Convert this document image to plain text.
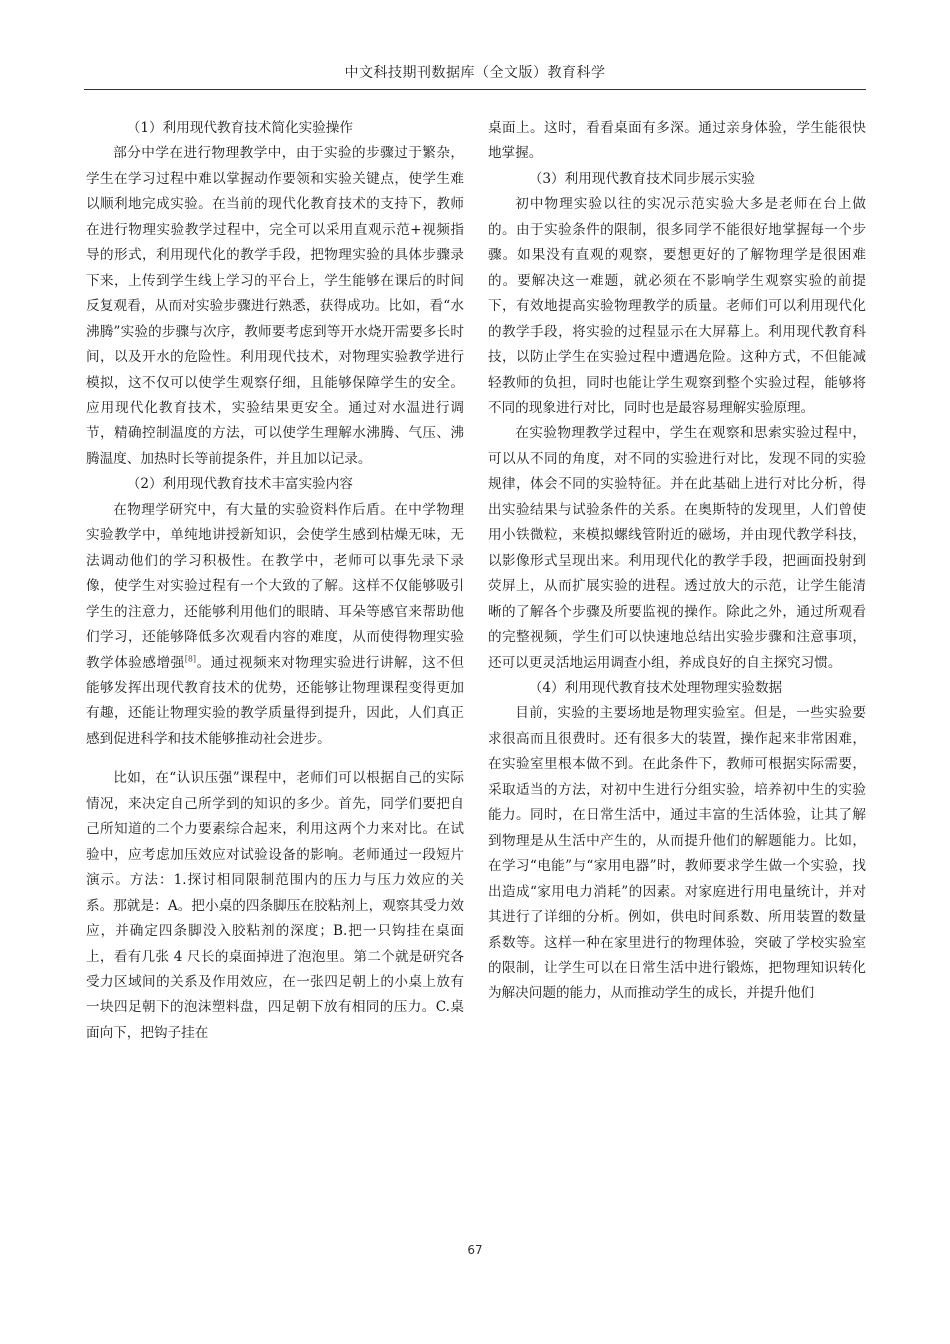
中文科技期刊数据库（全文版）教育科学
（1）利用现代教育技术简化实验操作

部分中学在进行物理教学中，由于实验的步骤过于繁杂，学生在学习过程中难以掌握动作要领和实验关键点，使学生难以顺利地完成实验。在当前的现代化教育技术的支持下，教师在进行物理实验教学过程中，完全可以采用直观示范+视频指导的形式，利用现代化的教学手段，把物理实验的具体步骤录下来，上传到学生线上学习的平台上，学生能够在课后的时间反复观看，从而对实验步骤进行熟悉，获得成功。比如，看“水沸腾”实验的步骤与次序，教师要考虑到等开水烧开需要多长时间，以及开水的危险性。利用现代技术，对物理实验教学进行模拟，这不仅可以使学生观察仔细，且能够保障学生的安全。应用现代化教育技术，实验结果更安全。通过对水温进行调节，精确控制温度的方法，可以使学生理解水沸腾、气压、沸腾温度、加热时长等前提条件，并且加以记录。

（2）利用现代教育技术丰富实验内容

在物理学研究中，有大量的实验资料作后盾。在中学物理实验教学中，单纯地讲授新知识，会使学生感到枯燥无味，无法调动他们的学习积极性。在教学中，老师可以事先录下录像，使学生对实验过程有一个大致的了解。这样不仅能够吸引学生的注意力，还能够利用他们的眼睛、耳朵等感官来帮助他们学习，还能够降低多次观看内容的难度，从而使得物理实验教学体验感增强[8]。通过视频来对物理实验进行讲解，这不但能够发挥出现代教育技术的优势，还能够让物理课程变得更加有趣，还能让物理实验的教学质量得到提升，因此，人们真正感到促进科学和技术能够推动社会进步。

比如，在“认识压强”课程中，老师们可以根据自己的实际情况，来决定自己所学到的知识的多少。首先，同学们要把自己所知道的二个力要素综合起来，利用这两个力来对比。在试验中，应考虑加压效应对试验设备的影响。老师通过一段短片演示。方法：1.探讨相同限制范围内的压力与压力效应的关系。那就是：A。把小桌的四条脚压在胶粘剂上，观察其受力效应，并确定四条脚没入胶粘剂的深度；B.把一只钩挂在桌面上，看有几张 4 尺长的桌面掉进了泡泡里。第二个就是研究各受力区域间的关系及作用效应，在一张四足朝上的小桌上放有一块四足朝下的泡沫塑料盘，四足朝下放有相同的压力。C.桌面向下，把钩子挂在

桌面上。这时，看看桌面有多深。通过亲身体验，学生能很快地掌握。

（3）利用现代教育技术同步展示实验

初中物理实验以往的实况示范实验大多是老师在台上做的。由于实验条件的限制，很多同学不能很好地掌握每一个步骤。如果没有直观的观察，要想更好的了解物理学是很困难的。要解决这一难题，就必须在不影响学生观察实验的前提下，有效地提高实验物理教学的质量。老师们可以利用现代化的教学手段，将实验的过程显示在大屏幕上。利用现代教育科技，以防止学生在实验过程中遭遇危险。这种方式，不但能减轻教师的负担，同时也能让学生观察到整个实验过程，能够将不同的现象进行对比，同时也是最容易理解实验原理。

在实验物理教学过程中，学生在观察和思索实验过程中，可以从不同的角度，对不同的实验进行对比，发现不同的实验规律，体会不同的实验特征。并在此基础上进行对比分析，得出实验结果与试验条件的关系。在奥斯特的发现里，人们曾使用小铁微粒，来模拟螺线管附近的磁场，并由现代教学科技，以影像形式呈现出来。利用现代化的教学手段，把画面投射到荧屏上，从而扩展实验的进程。透过放大的示范，让学生能清晰的了解各个步骤及所要监视的操作。除此之外，通过所观看的完整视频，学生们可以快速地总结出实验步骤和注意事项，还可以更灵活地运用调查小组，养成良好的自主探究习惯。

（4）利用现代教育技术处理物理实验数据

目前，实验的主要场地是物理实验室。但是，一些实验要求很高而且很费时。还有很多大的装置，操作起来非常困难，在实验室里根本做不到。在此条件下，教师可根据实际需要，采取适当的方法，对初中生进行分组实验，培养初中生的实验能力。同时，在日常生活中，通过丰富的生活体验，让其了解到物理是从生活中产生的，从而提升他们的解题能力。比如，在学习“电能”与“家用电器”时，教师要求学生做一个实验，找出造成“家用电力消耗”的因素。对家庭进行用电量统计，并对其进行了详细的分析。例如，供电时间系数、所用装置的数量系数等。这样一种在家里进行的物理体验，突破了学校实验室的限制，让学生可以在日常生活中进行锻炼，把物理知识转化为解决问题的能力，从而推动学生的成长，并提升他们

67
